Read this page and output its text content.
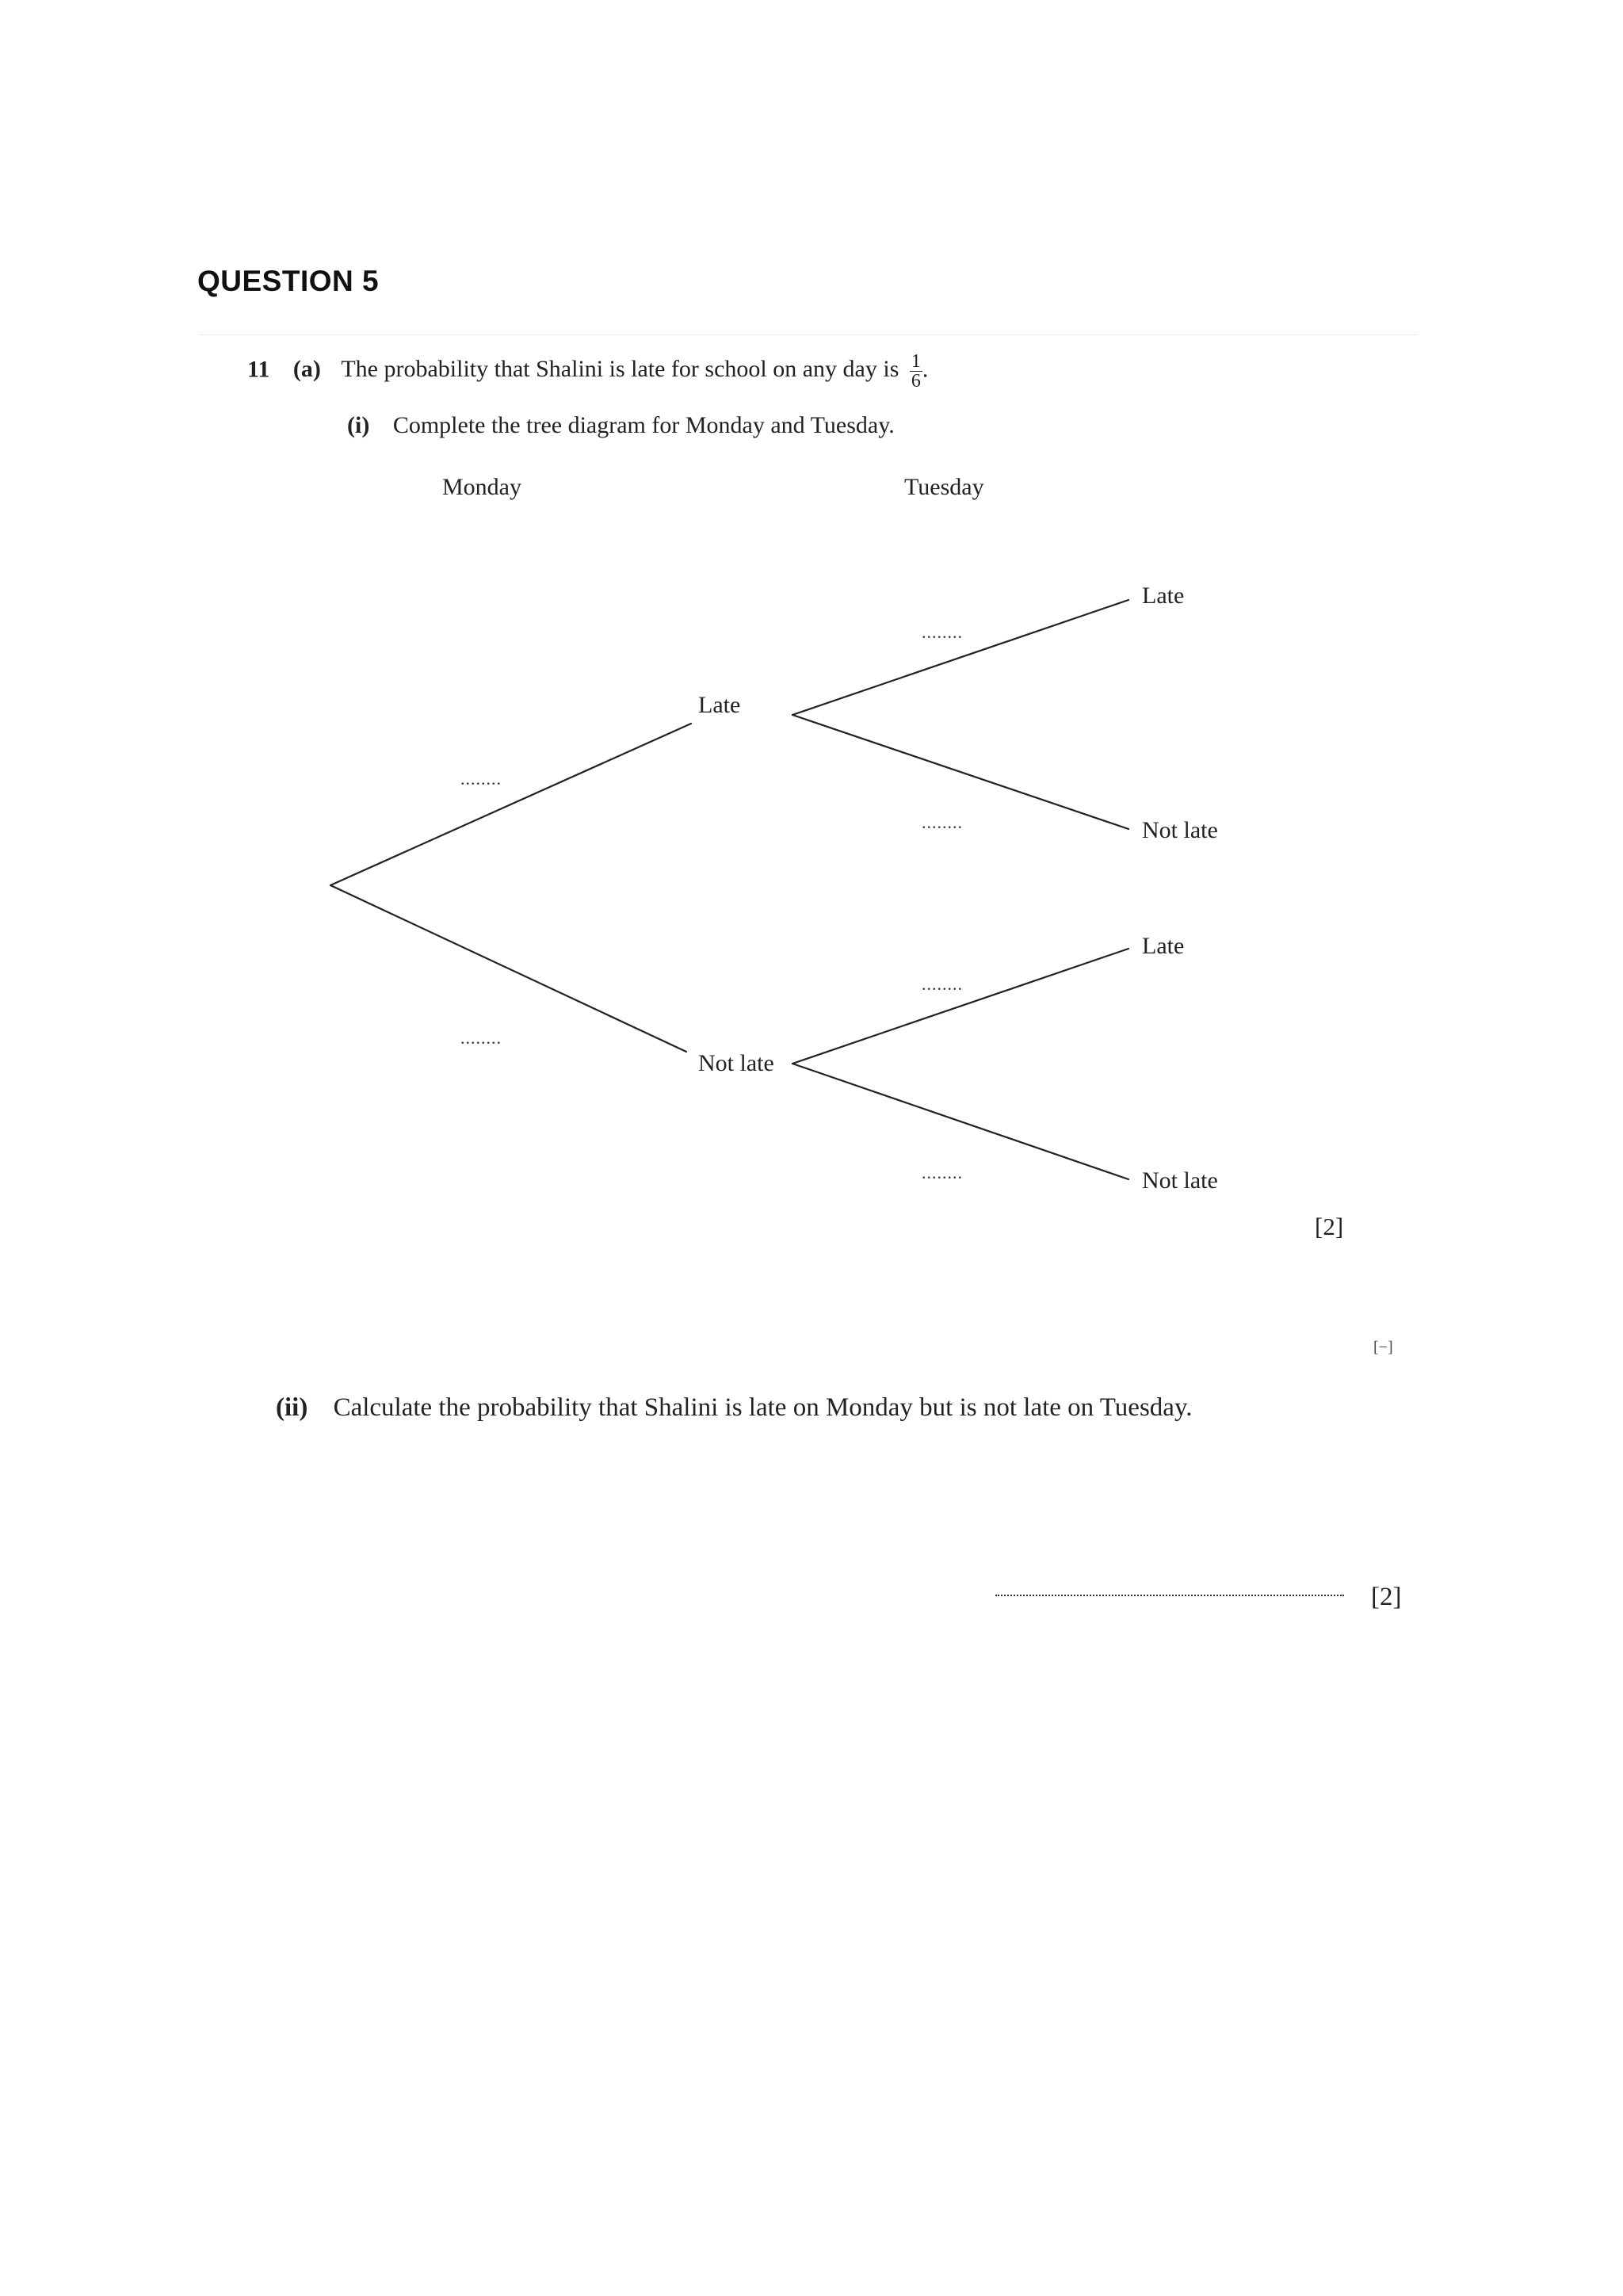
QUESTION 5
11 (a) The probability that Shalini is late for school on any day is $\frac{1}{6}$ .
(i) Complete the tree diagram for Monday and Tuesday.
Monday	Tuesday
Late
Not late
Late
Not late
Late
Not late
........
........
........
........
........
........
[2]
[−]
(ii) Calculate the probability that Shalini is late on Monday but is not late on Tuesday.
[2]
